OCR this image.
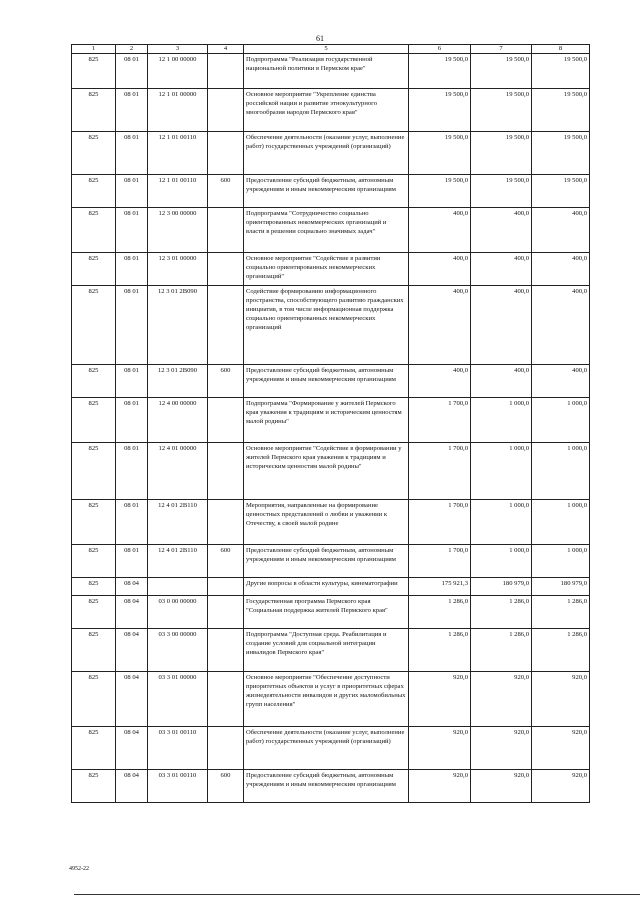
61
1	2	3	4	5	6	7	8
825	08 01	12 1 00 00000		Подпрограмма "Реализация государственной национальной политики в Пермском крае"	19 500,0	19 500,0	19 500,0
825	08 01	12 1 01 00000		Основное мероприятие "Укрепление единства российской нации и развитие этнокультурного многообразия народов Пермского края"	19 500,0	19 500,0	19 500,0
825	08 01	12 1 01 00110		Обеспечение деятельности (оказание услуг, выполнение работ) государственных учреждений (организаций)	19 500,0	19 500,0	19 500,0
825	08 01	12 1 01 00110	600	Предоставление субсидий бюджетным, автономным учреждениям и иным некоммерческим организациям	19 500,0	19 500,0	19 500,0
825	08 01	12 3 00 00000		Подпрограмма "Сотрудничество социально ориентированных некоммерческих организаций и власти в решении социально значимых задач"	400,0	400,0	400,0
825	08 01	12 3 01 00000		Основное мероприятие "Содействие в развитии социально ориентированных некоммерческих организаций"	400,0	400,0	400,0
825	08 01	12 3 01 2В090		Содействие формированию информационного пространства, способствующего развитию гражданских инициатив, в том числе информационная поддержка социально ориентированных некоммерческих организаций	400,0	400,0	400,0
825	08 01	12 3 01 2В090	600	Предоставление субсидий бюджетным, автономным учреждениям и иным некоммерческим организациям	400,0	400,0	400,0
825	08 01	12 4 00 00000		Подпрограмма "Формирование у жителей Пермского края уважения к традициям и историческим ценностям малой родины"	1 700,0	1 000,0	1 000,0
825	08 01	12 4 01 00000		Основное мероприятие "Содействие в формировании у жителей Пермского края уважения к традициям и историческим ценностям малой родины"	1 700,0	1 000,0	1 000,0
825	08 01	12 4 01 2В110		Мероприятия, направленные на формирование ценностных представлений о любви и уважении к Отечеству, к своей малой родине	1 700,0	1 000,0	1 000,0
825	08 01	12 4 01 2В110	600	Предоставление субсидий бюджетным, автономным учреждениям и иным некоммерческим организациям	1 700,0	1 000,0	1 000,0
825	08 04			Другие вопросы в области культуры, кинематографии	175 921,3	180 979,0	180 979,0
825	08 04	03 0 00 00000		Государственная программа Пермского края "Социальная поддержка жителей Пермского края"	1 286,0	1 286,0	1 286,0
825	08 04	03 3 00 00000		Подпрограмма "Доступная среда. Реабилитация и создание условий для социальной интеграции инвалидов Пермского края"	1 286,0	1 286,0	1 286,0
825	08 04	03 3 01 00000		Основное мероприятие "Обеспечение доступности приоритетных объектов и услуг в приоритетных сферах жизнедеятельности инвалидов и других маломобильных групп населения"	920,0	920,0	920,0
825	08 04	03 3 01 00110		Обеспечение деятельности (оказание услуг, выполнение работ) государственных учреждений (организаций)	920,0	920,0	920,0
825	08 04	03 3 01 00110	600	Предоставление субсидий бюджетным, автономным учреждениям и иным некоммерческим организациям	920,0	920,0	920,0
4952-22
